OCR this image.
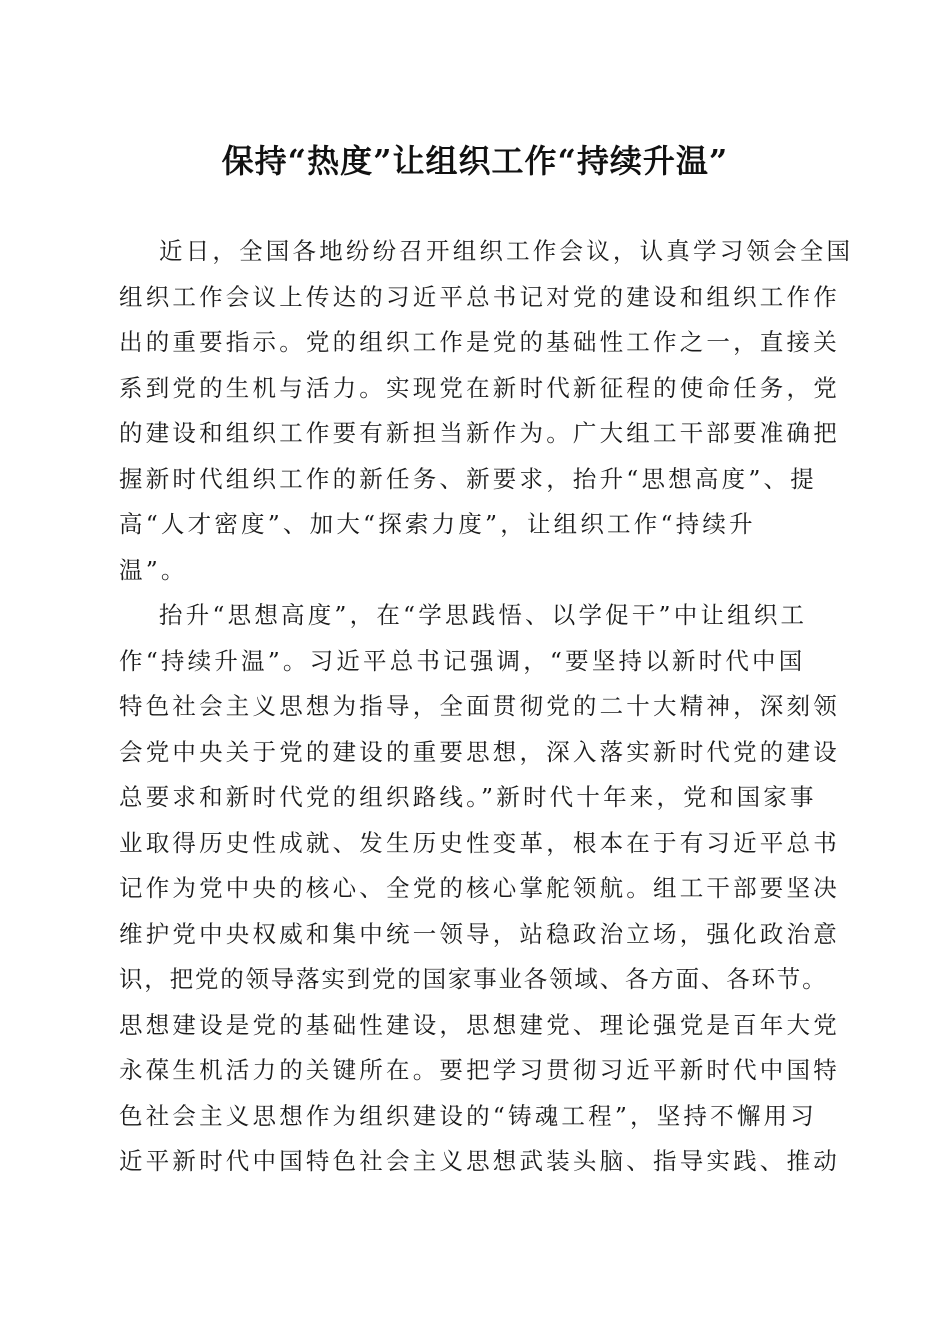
保持“热度”让组织工作“持续升温”
近日，全国各地纷纷召开组织工作会议，认真学习领会全国
组织工作会议上传达的习近平总书记对党的建设和组织工作作
出的重要指示。党的组织工作是党的基础性工作之一，直接关
系到党的生机与活力。实现党在新时代新征程的使命任务，党
的建设和组织工作要有新担当新作为。广大组工干部要准确把
握新时代组织工作的新任务、新要求，抬升“思想高度”、提
高“人才密度”、加大“探索力度”，让组织工作“持续升
温”。
抬升“思想高度”，在“学思践悟、以学促干”中让组织工
作“持续升温”。习近平总书记强调，“要坚持以新时代中国
特色社会主义思想为指导，全面贯彻党的二十大精神，深刻领
会党中央关于党的建设的重要思想，深入落实新时代党的建设
总要求和新时代党的组织路线。”新时代十年来，党和国家事
业取得历史性成就、发生历史性变革，根本在于有习近平总书
记作为党中央的核心、全党的核心掌舵领航。组工干部要坚决
维护党中央权威和集中统一领导，站稳政治立场，强化政治意
识，把党的领导落实到党的国家事业各领域、各方面、各环节。
思想建设是党的基础性建设，思想建党、理论强党是百年大党
永葆生机活力的关键所在。要把学习贯彻习近平新时代中国特
色社会主义思想作为组织建设的“铸魂工程”，坚持不懈用习
近平新时代中国特色社会主义思想武装头脑、指导实践、推动
